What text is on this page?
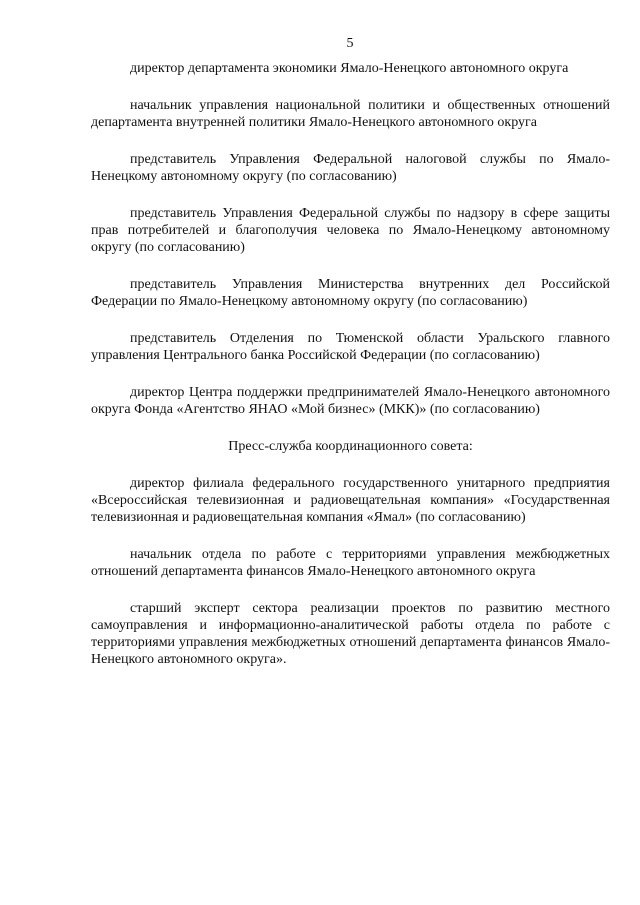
5

директор департамента экономики Ямало-Ненецкого автономного округа

начальник управления национальной политики и общественных отношений департамента внутренней политики Ямало-Ненецкого автономного округа

представитель Управления Федеральной налоговой службы по Ямало-Ненецкому автономному округу (по согласованию)

представитель Управления Федеральной службы по надзору в сфере защиты прав потребителей и благополучия человека по Ямало-Ненецкому автономному округу (по согласованию)

представитель Управления Министерства внутренних дел Российской Федерации по Ямало-Ненецкому автономному округу (по согласованию)

представитель Отделения по Тюменской области Уральского главного управления Центрального банка Российской Федерации (по согласованию)

директор Центра поддержки предпринимателей Ямало-Ненецкого автономного округа Фонда «Агентство ЯНАО «Мой бизнес» (МКК)» (по согласованию)

Пресс-служба координационного совета:

директор филиала федерального государственного унитарного предприятия «Всероссийская телевизионная и радиовещательная компания» «Государственная телевизионная и радиовещательная компания «Ямал» (по согласованию)

начальник отдела по работе с территориями управления межбюджетных отношений департамента финансов Ямало-Ненецкого автономного округа

старший эксперт сектора реализации проектов по развитию местного самоуправления и информационно-аналитической работы отдела по работе с территориями управления межбюджетных отношений департамента финансов Ямало-Ненецкого автономного округа».
